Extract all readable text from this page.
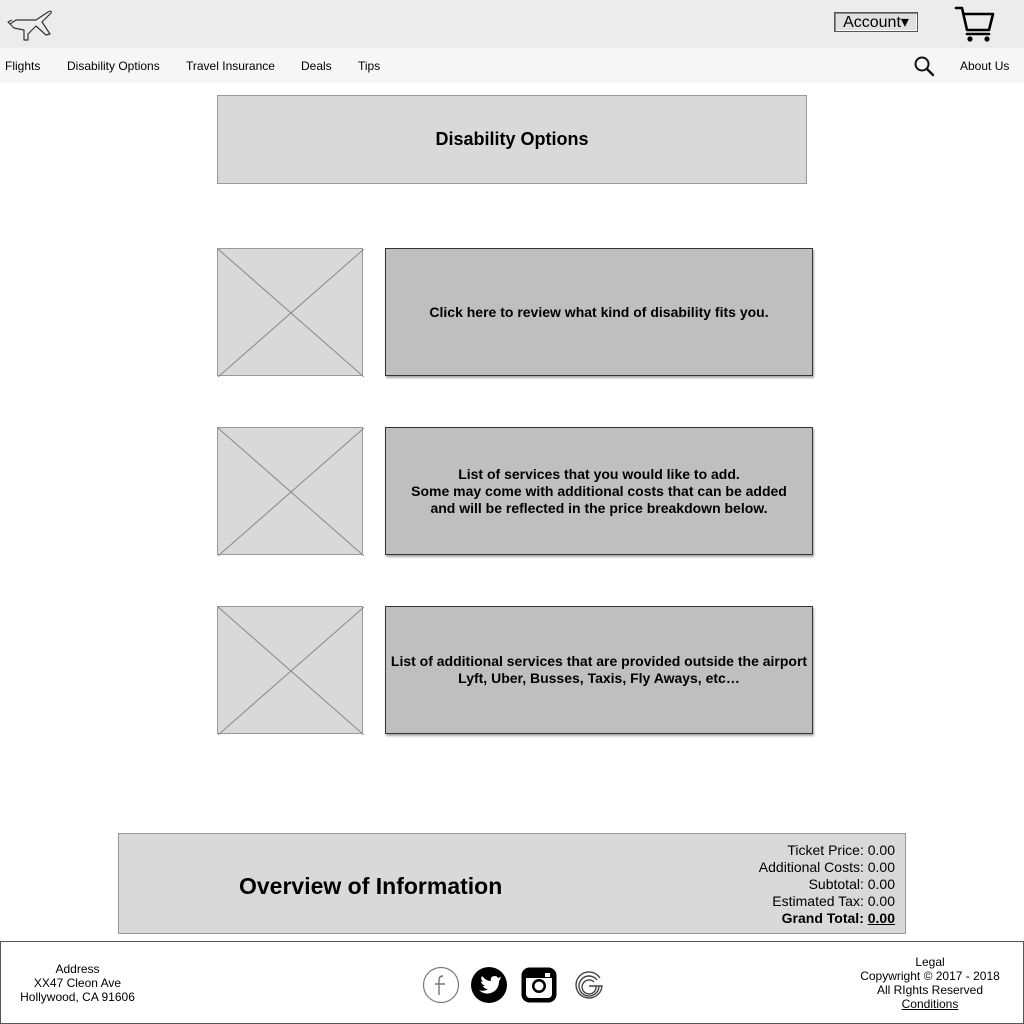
Account▾
Flights Disability Options Travel Insurance Deals Tips	About Us
Disability Options
Click here to review what kind of disability fits you.
List of services that you would like to add.
Some may come with additional costs that can be added
and will be reflected in the price breakdown below.
List of additional services that are provided outside the airport
Lyft, Uber, Busses, Taxis, Fly Aways, etc…
Overview of Information
Ticket Price: 0.00
Additional Costs: 0.00
Subtotal: 0.00
Estimated Tax: 0.00
Grand Total: 0.00
Address
XX47 Cleon Ave
Hollywood, CA 91606
Legal
Copywright © 2017 - 2018
All RIghts Reserved
Conditions
